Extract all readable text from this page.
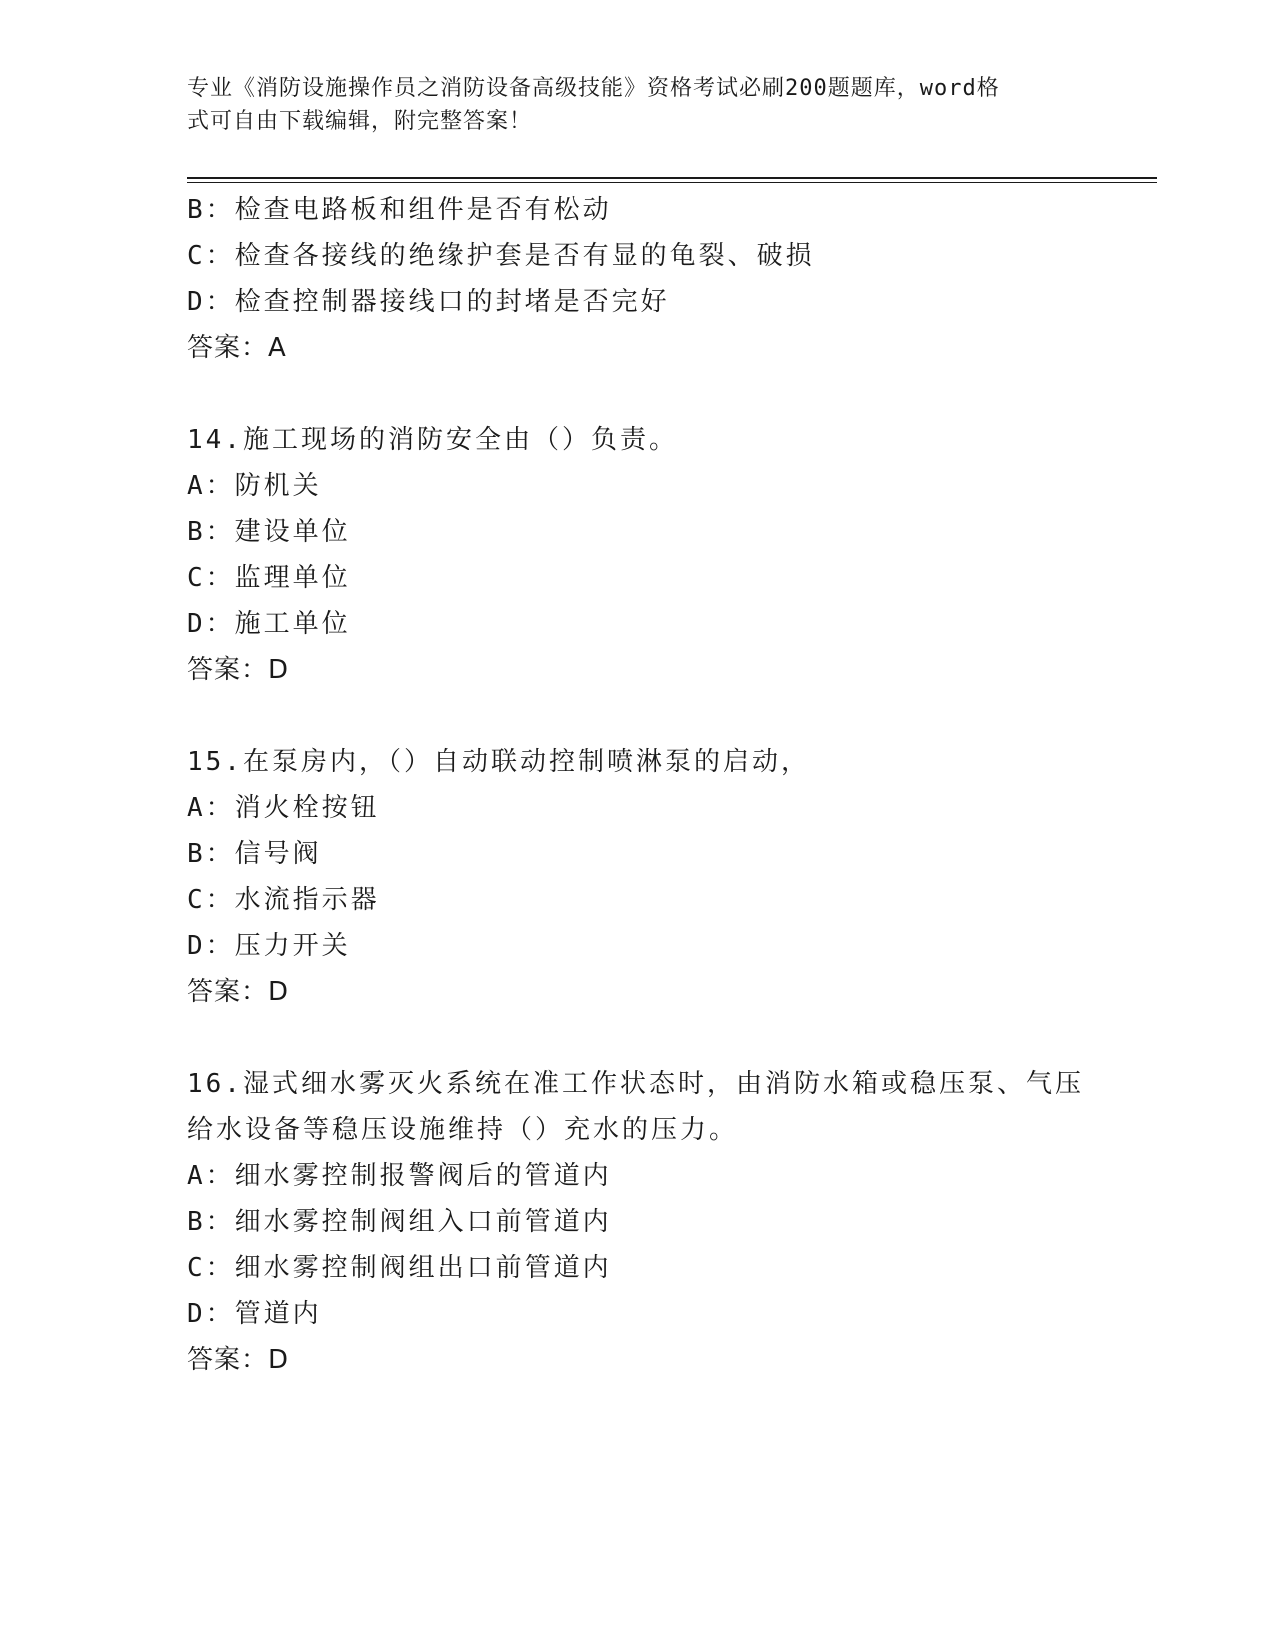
专业《消防设施操作员之消防设备高级技能》资格考试必刷200题题库，word格
式可自由下载编辑，附完整答案！
B：检查电路板和组件是否有松动
C：检查各接线的绝缘护套是否有显的龟裂、破损
D：检查控制器接线口的封堵是否完好
答案：A
14.施工现场的消防安全由（）负责。
A：防机关
B：建设单位
C：监理单位
D：施工单位
答案：D
15.在泵房内，（）自动联动控制喷淋泵的启动，
A：消火栓按钮
B：信号阀
C：水流指示器
D：压力开关
答案：D
16.湿式细水雾灭火系统在准工作状态时，由消防水箱或稳压泵、气压
给水设备等稳压设施维持（）充水的压力。
A：细水雾控制报警阀后的管道内
B：细水雾控制阀组入口前管道内
C：细水雾控制阀组出口前管道内
D：管道内
答案：D
